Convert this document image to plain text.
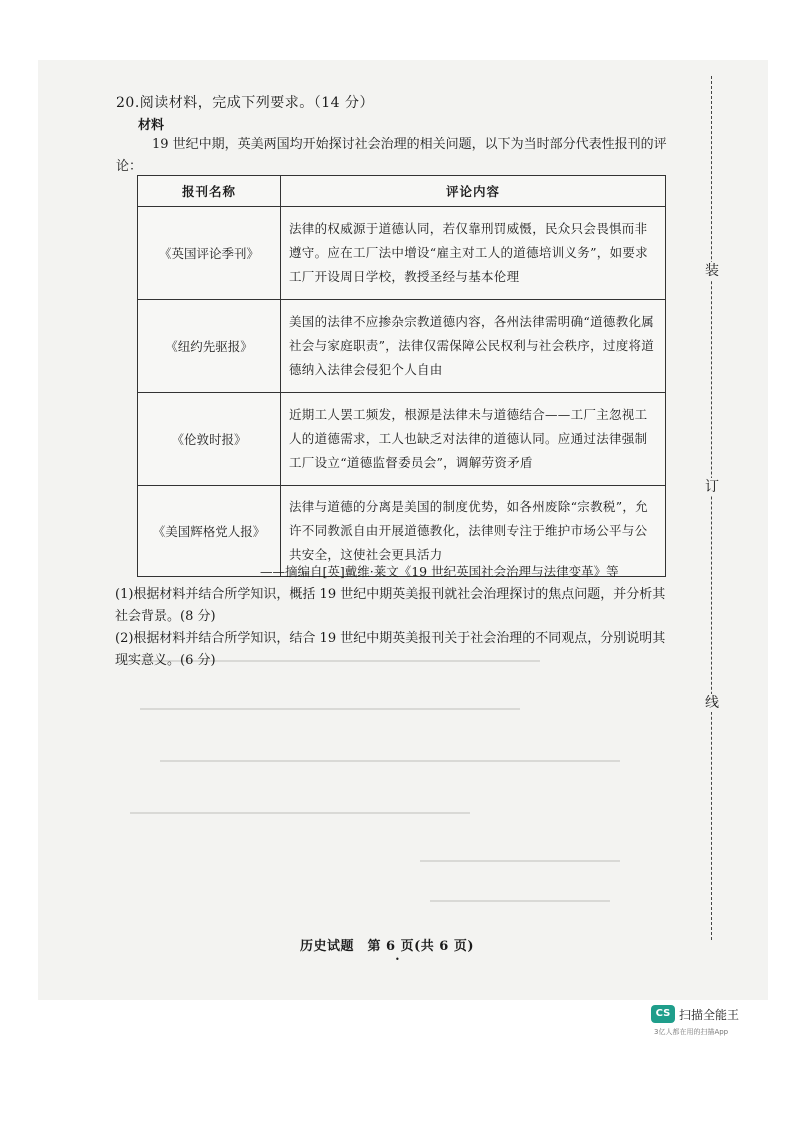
20.阅读材料，完成下列要求。（14 分）
材料
19 世纪中期，英美两国均开始探讨社会治理的相关问题，以下为当时部分代表性报刊的评论：
报刊名称	评论内容
《英国评论季刊》	法律的权威源于道德认同，若仅靠刑罚威慑，民众只会畏惧而非遵守。应在工厂法中增设“雇主对工人的道德培训义务”，如要求工厂开设周日学校，教授圣经与基本伦理
《纽约先驱报》	美国的法律不应掺杂宗教道德内容，各州法律需明确“道德教化属社会与家庭职责”，法律仅需保障公民权利与社会秩序，过度将道德纳入法律会侵犯个人自由
《伦敦时报》	近期工人罢工频发，根源是法律未与道德结合——工厂主忽视工人的道德需求，工人也缺乏对法律的道德认同。应通过法律强制工厂设立“道德监督委员会”，调解劳资矛盾
《美国辉格党人报》	法律与道德的分离是美国的制度优势，如各州废除“宗教税”，允许不同教派自由开展道德教化，法律则专注于维护市场公平与公共安全，这使社会更具活力
——摘编自[英]戴维·莱文《19 世纪英国社会治理与法律变革》等
(1)根据材料并结合所学知识，概括 19 世纪中期英美报刊就社会治理探讨的焦点问题，并分析其社会背景。(8 分)
(2)根据材料并结合所学知识，结合 19 世纪中期英美报刊关于社会治理的不同观点，分别说明其现实意义。(6 分)
历史试题　第 6 页(共 6 页)
•
装
订
线
CS 扫描全能王
3亿人都在用的扫描App
